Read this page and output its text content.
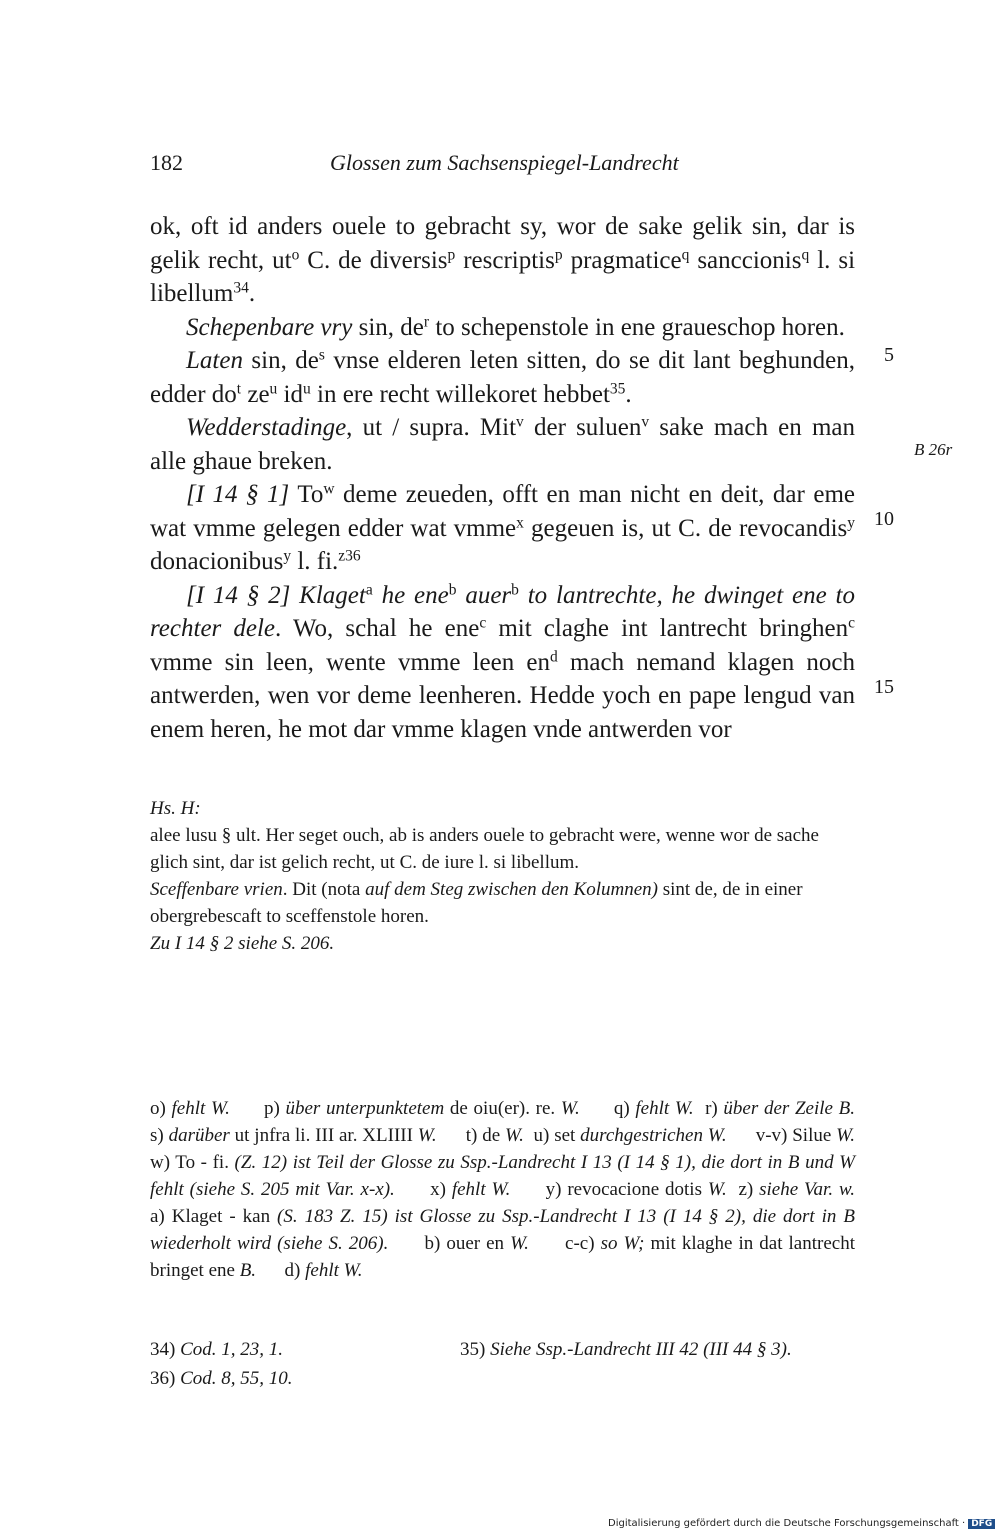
182	Glossen zum Sachsenspiegel-Landrecht

ok, oft id anders ouele to gebracht sy, wor de sake gelik sin, dar is gelik recht, $ut^o$ C. de diversis$^p$ rescriptis$^p$ pragmatice$^q$ sanccionis$^q$ l. si libellum$^{34}$.

Schepenbare vry sin, $de^r$ to schepenstole in ene graueschop horen.

Laten sin, $de^s$ vnse elderen leten sitten, do se dit lant beghunden, edder $do^t$ $ze^u$ $id^u$ in ere recht willekoret hebbet$^{35}$.

Wedderstadinge, ut / supra. Mit$^v$ der suluen$^v$ sake mach en man alle ghaue breken.

[I 14 § 1] To$^w$ deme zeueden, offt en man nicht en deit, dar eme wat vmme gelegen edder wat vmme$^x$ gegeuen is, ut C. de revocandis$^y$ donacionibus$^y$ l. fi.$^{z36}$

[I 14 § 2] Klaget$^a$ he ene$^b$ auer$^b$ to lantrechte, he dwinget ene to rechter dele. Wo, schal he ene$^c$ mit claghe int lantrecht bringhen$^c$ vmme sin leen, wente vmme leen $en^d$ mach nemand klagen noch antwerden, wen vor deme leenheren. Hedde yoch en pape lengud van enem heren, he mot dar vmme klagen vnde antwerden vor

5
B 26r
10
15

Hs. H:

alee lusu § ult. Her seget ouch, ab is anders ouele to gebracht were, wenne wor de sache glich sint, dar ist gelich recht, ut C. de iure l. si libellum.

Sceffenbare vrien. Dit (nota auf dem Steg zwischen den Kolumnen) sint de, de in einer obergrebescaft to sceffenstole horen.

Zu I 14 § 2 siehe S. 206.

o) fehlt W.      p) über unterpunktetem de oiu(er). re. W.      q) fehlt W.  r) über der Zeile B.      s) darüber ut jnfra li. III ar. XLIIII W.      t) de W.  u) set durchgestrichen W.      v-v) Silue W.      w) To - fi. (Z. 12) ist Teil der Glosse zu Ssp.-Landrecht I 13 (I 14 § 1), die dort in B und W fehlt (siehe S. 205 mit Var. x-x).      x) fehlt W.      y) revocacione dotis W.  z) siehe Var. w.      a) Klaget - kan (S. 183 Z. 15) ist Glosse zu Ssp.-Landrecht I 13 (I 14 § 2), die dort in B wiederholt wird (siehe S. 206).      b) ouer en W.      c-c) so W; mit klaghe in dat lantrecht bringet ene B.      d) fehlt W.

34) Cod. 1, 23, 1.	35) Siehe Ssp.-Landrecht III 42 (III 44 § 3).
36) Cod. 8, 55, 10.
Digitalisierung gefördert durch die Deutsche Forschungsgemeinschaft · DFG
